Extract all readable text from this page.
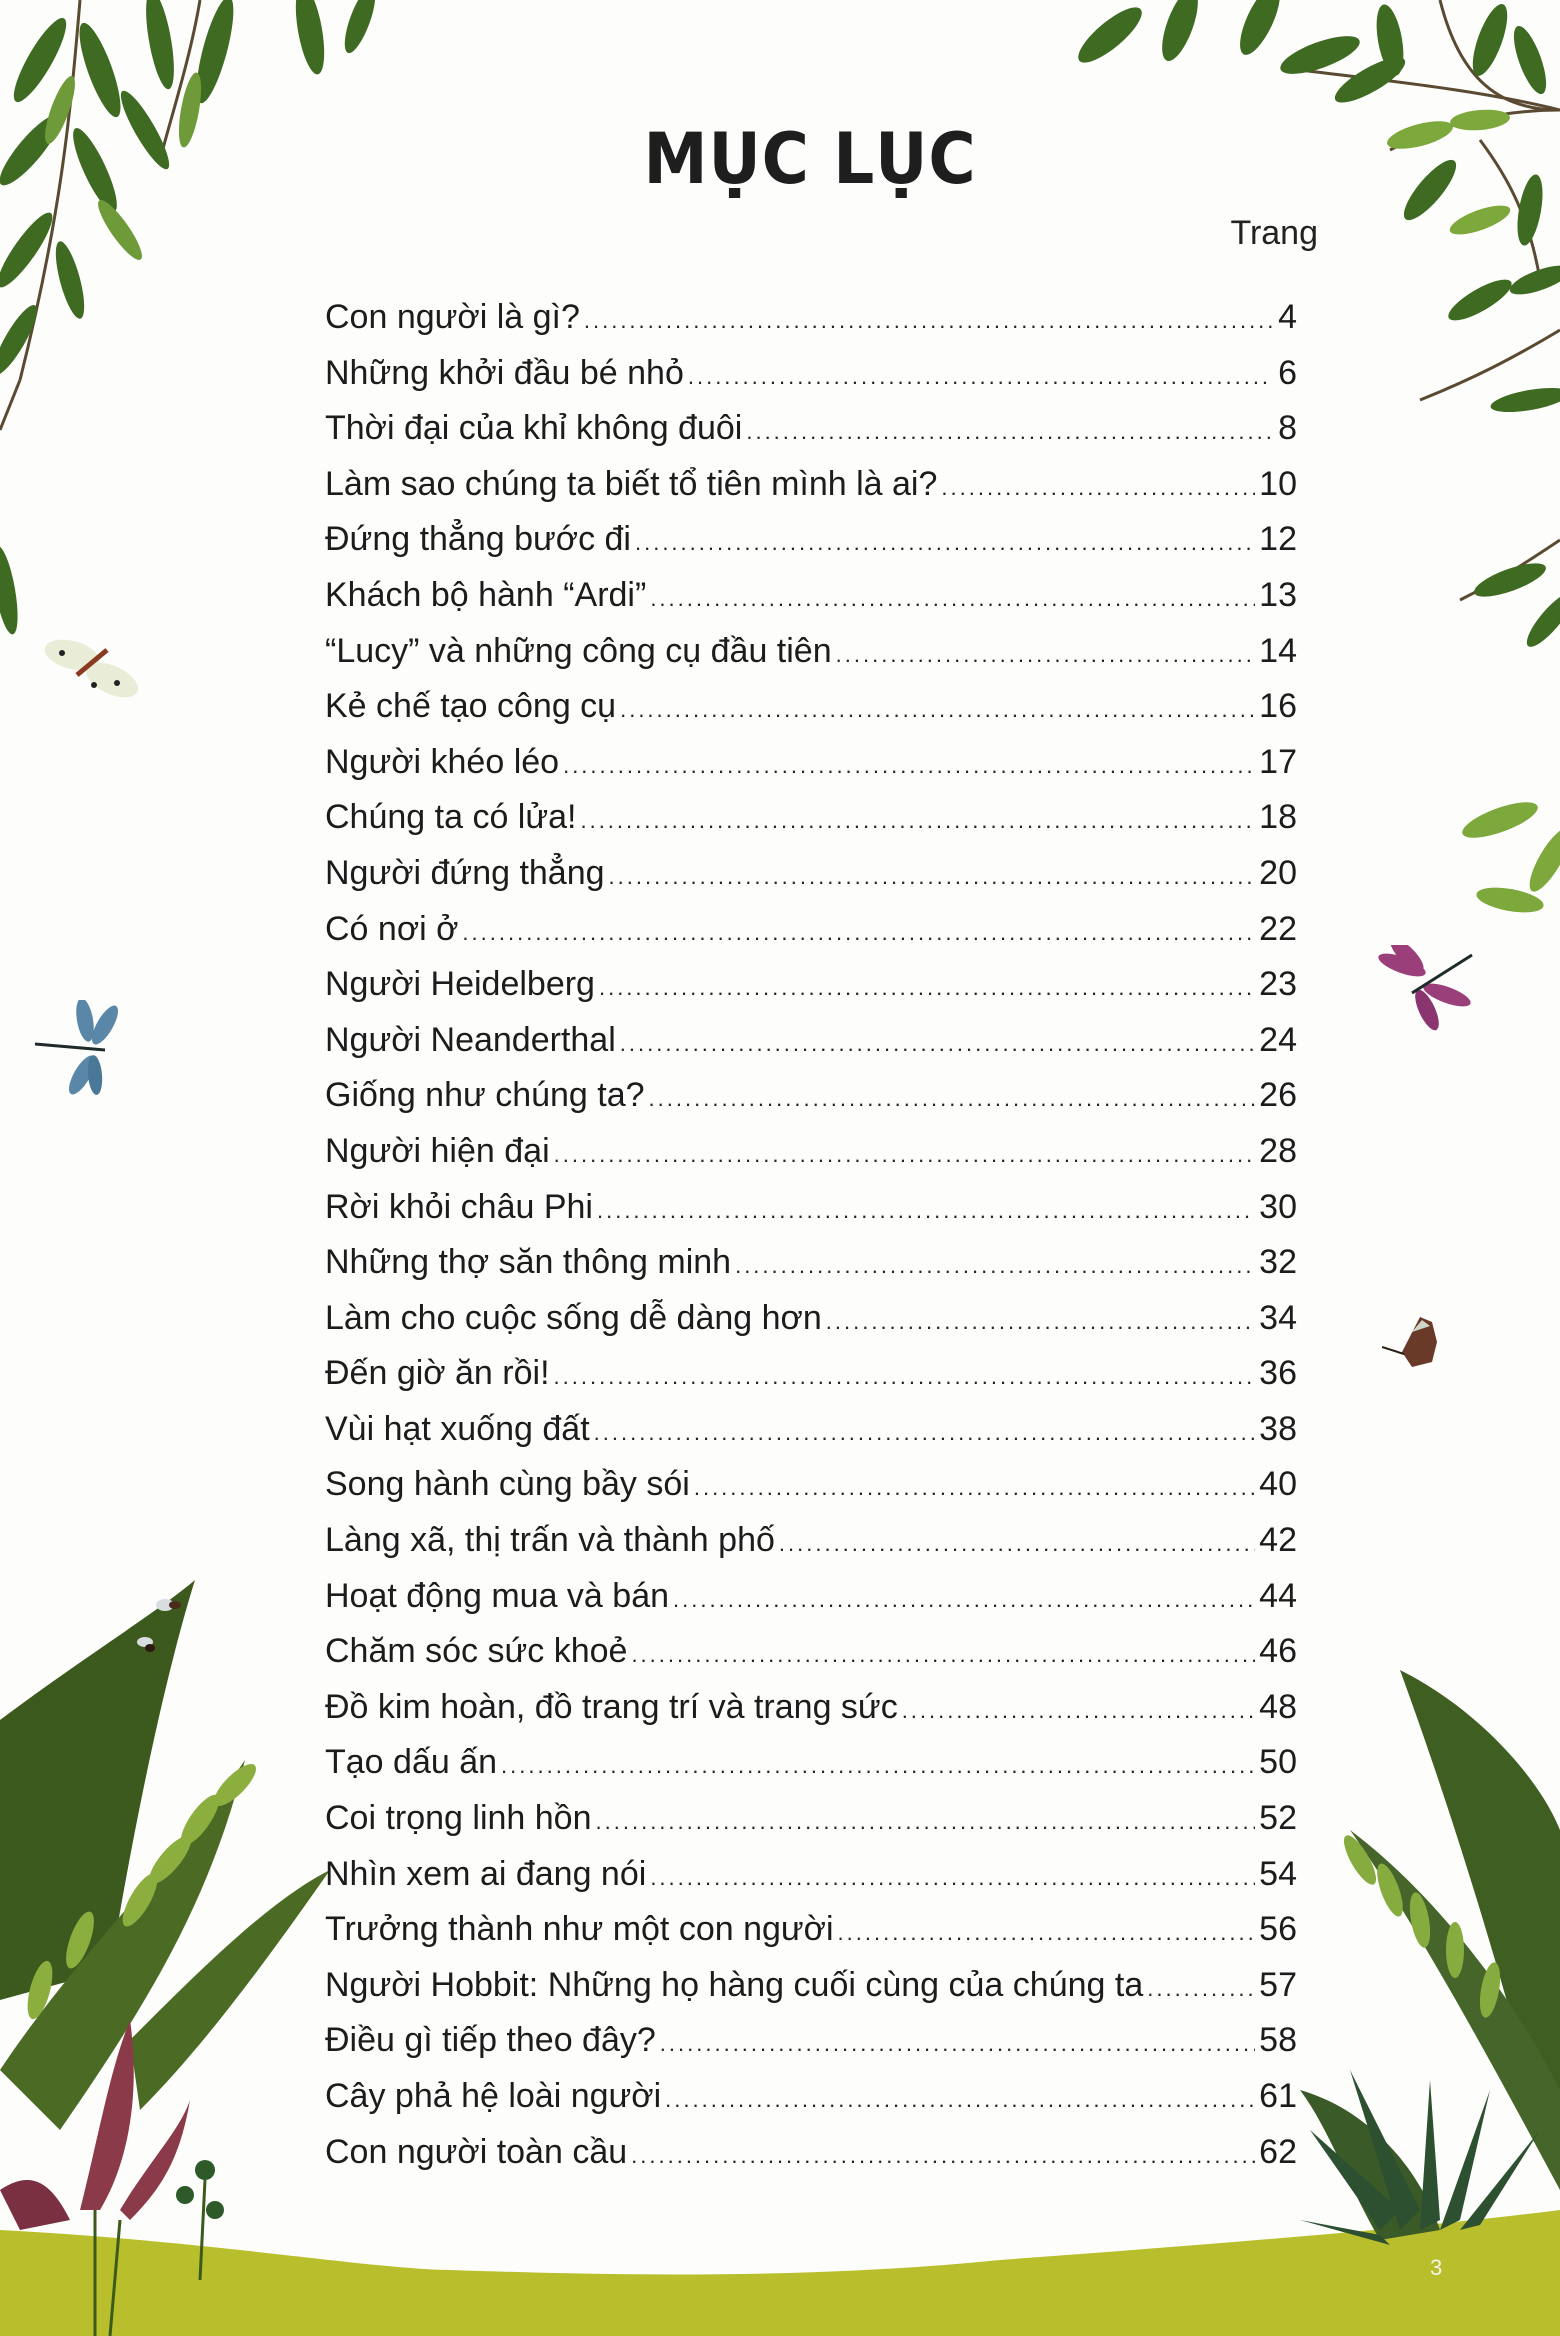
MỤC LỤC
Trang
Con người là gì? .....	4
Những khởi đầu bé nhỏ .....	6
Thời đại của khỉ không đuôi .....	8
Làm sao chúng ta biết tổ tiên mình là ai? .....	10
Đứng thẳng bước đi .....	12
Khách bộ hành “Ardi” .....	13
“Lucy” và những công cụ đầu tiên .....	14
Kẻ chế tạo công cụ .....	16
Người khéo léo .....	17
Chúng ta có lửa! .....	18
Người đứng thẳng .....	20
Có nơi ở .....	22
Người Heidelberg .....	23
Người Neanderthal .....	24
Giống như chúng ta? .....	26
Người hiện đại .....	28
Rời khỏi châu Phi .....	30
Những thợ săn thông minh .....	32
Làm cho cuộc sống dễ dàng hơn .....	34
Đến giờ ăn rồi! .....	36
Vùi hạt xuống đất .....	38
Song hành cùng bầy sói .....	40
Làng xã, thị trấn và thành phố .....	42
Hoạt động mua và bán .....	44
Chăm sóc sức khoẻ .....	46
Đồ kim hoàn, đồ trang trí và trang sức .....	48
Tạo dấu ấn .....	50
Coi trọng linh hồn .....	52
Nhìn xem ai đang nói .....	54
Trưởng thành như một con người .....	56
Người Hobbit: Những họ hàng cuối cùng của chúng ta .....	57
Điều gì tiếp theo đây? .....	58
Cây phả hệ loài người .....	61
Con người toàn cầu .....	62
3
